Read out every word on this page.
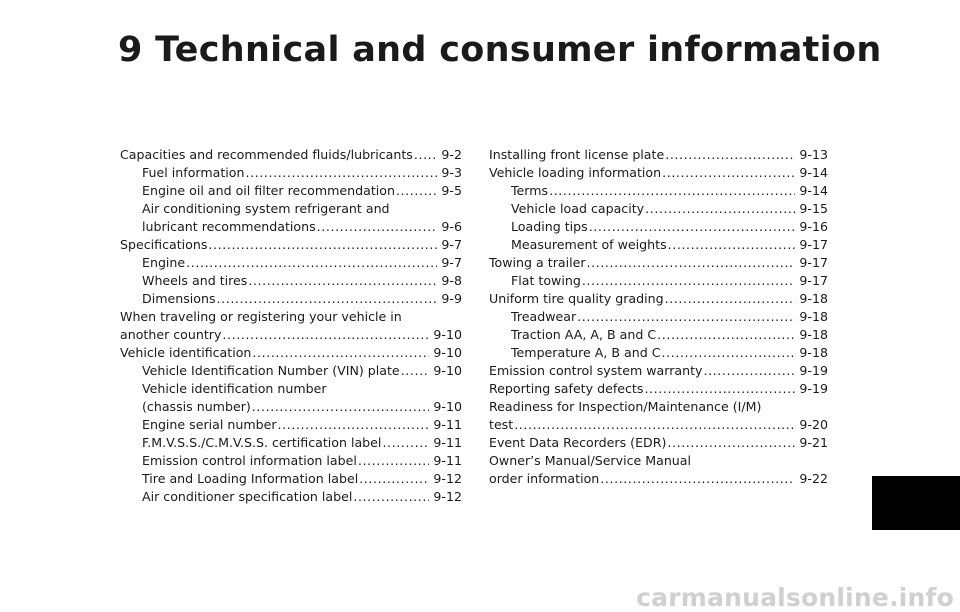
9 Technical and consumer information
Capacities and recommended fluids/lubricants ..... 9-2
Fuel information .....	9-3
Engine oil and oil filter recommendation .....	9-5
Air conditioning system refrigerant and
lubricant recommendations .....	9-6
Specifications .....	9-7
Engine .....	9-7
Wheels and tires .....	9-8
Dimensions .....	9-9
When traveling or registering your vehicle in
another country .....	9-10
Vehicle identification .....	9-10
Vehicle Identification Number (VIN) plate .....	9-10
Vehicle identification number
(chassis number) .....	9-10
Engine serial number .....	9-11
F.M.V.S.S./C.M.V.S.S. certification label .....	9-11
Emission control information label .....	9-11
Tire and Loading Information label .....	9-12
Air conditioner specification label .....	9-12
Installing front license plate .....	9-13
Vehicle loading information .....	9-14
Terms .....	9-14
Vehicle load capacity .....	9-15
Loading tips .....	9-16
Measurement of weights .....	9-17
Towing a trailer .....	9-17
Flat towing .....	9-17
Uniform tire quality grading .....	9-18
Treadwear .....	9-18
Traction AA, A, B and C .....	9-18
Temperature A, B and C .....	9-18
Emission control system warranty .....	9-19
Reporting safety defects .....	9-19
Readiness for Inspection/Maintenance (I/M)
test .....	9-20
Event Data Recorders (EDR) .....	9-21
Owner’s Manual/Service Manual
order information .....	9-22

carmanualsonline.info
